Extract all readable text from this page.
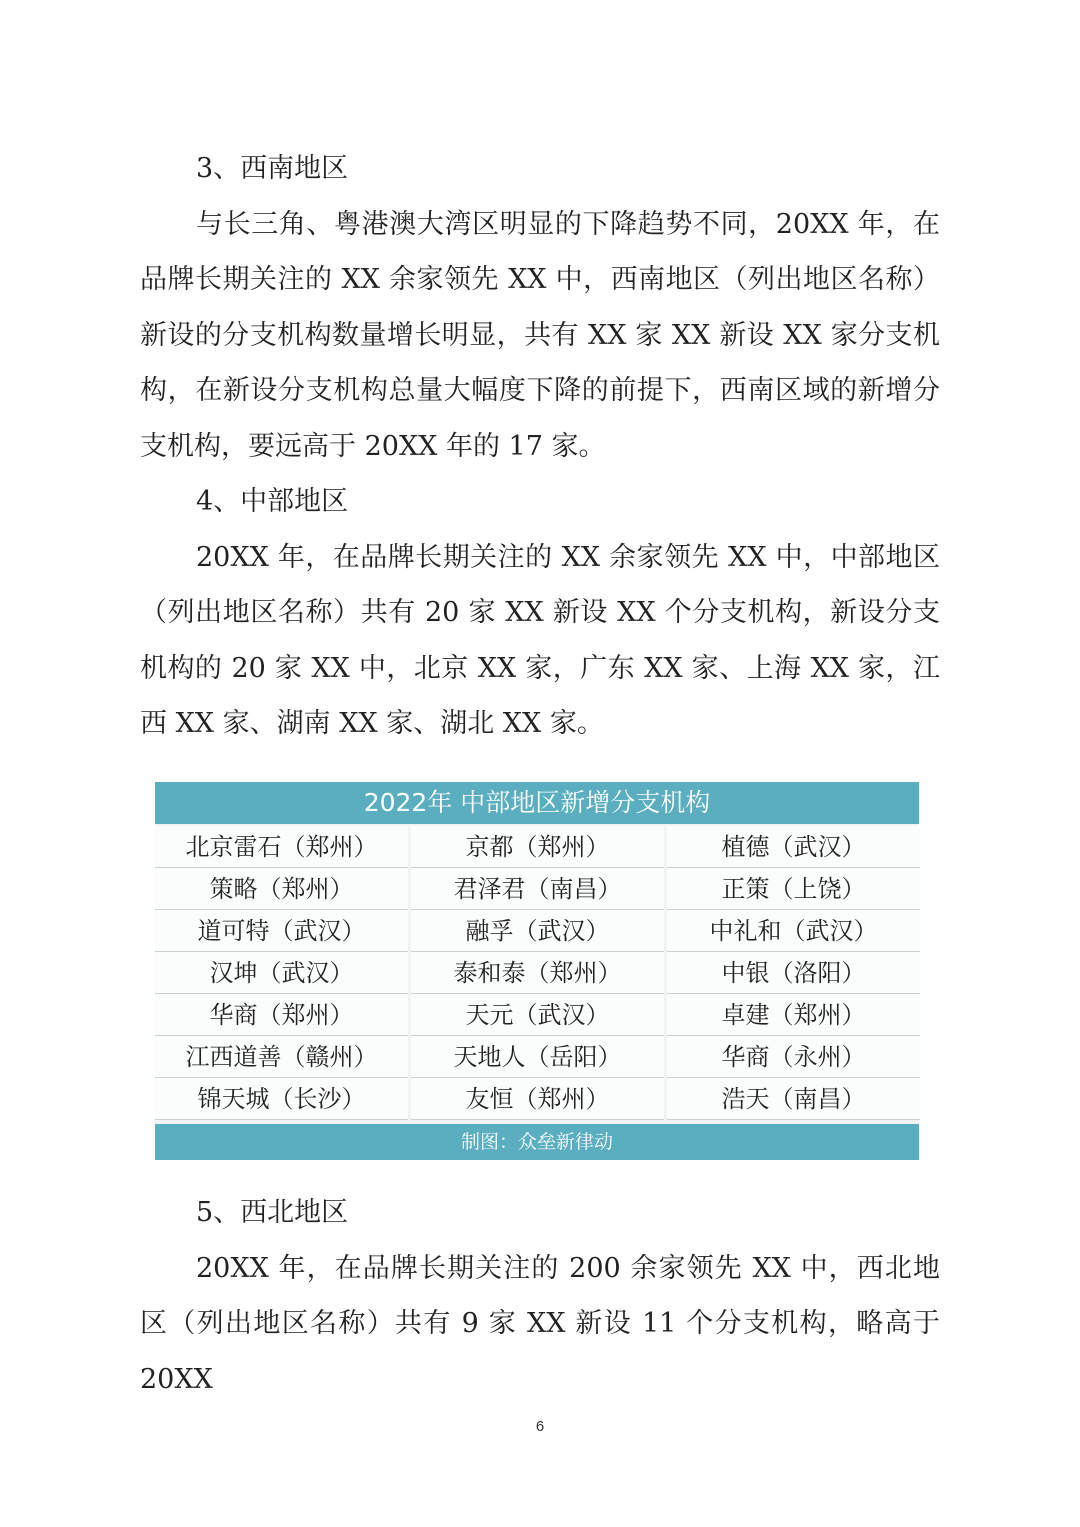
3、西南地区
与长三角、粤港澳大湾区明显的下降趋势不同，20XX 年，在品牌长期关注的 XX 余家领先 XX 中，西南地区（列出地区名称）新设的分支机构数量增长明显，共有 XX 家 XX 新设 XX 家分支机构，在新设分支机构总量大幅度下降的前提下，西南区域的新增分支机构，要远高于 20XX 年的 17 家。
4、中部地区
20XX 年，在品牌长期关注的 XX 余家领先 XX 中，中部地区（列出地区名称）共有 20 家 XX 新设 XX 个分支机构，新设分支机构的 20 家 XX 中，北京 XX 家，广东 XX 家、上海 XX 家，江西 XX 家、湖南 XX 家、湖北 XX 家。
2022年 中部地区新增分支机构
北京雷石（郑州）	京都（郑州）	植德（武汉）
策略（郑州）	君泽君（南昌）	正策（上饶）
道可特（武汉）	融孚（武汉）	中礼和（武汉）
汉坤（武汉）	泰和泰（郑州）	中银（洛阳）
华商（郑州）	天元（武汉）	卓建（郑州）
江西道善（赣州）	天地人（岳阳）	华商（永州）
锦天城（长沙）	友恒（郑州）	浩天（南昌）
制图：众垒新律动
5、西北地区
20XX 年，在品牌长期关注的 200 余家领先 XX 中，西北地区（列出地区名称）共有 9 家 XX 新设 11 个分支机构，略高于 20XX
6
